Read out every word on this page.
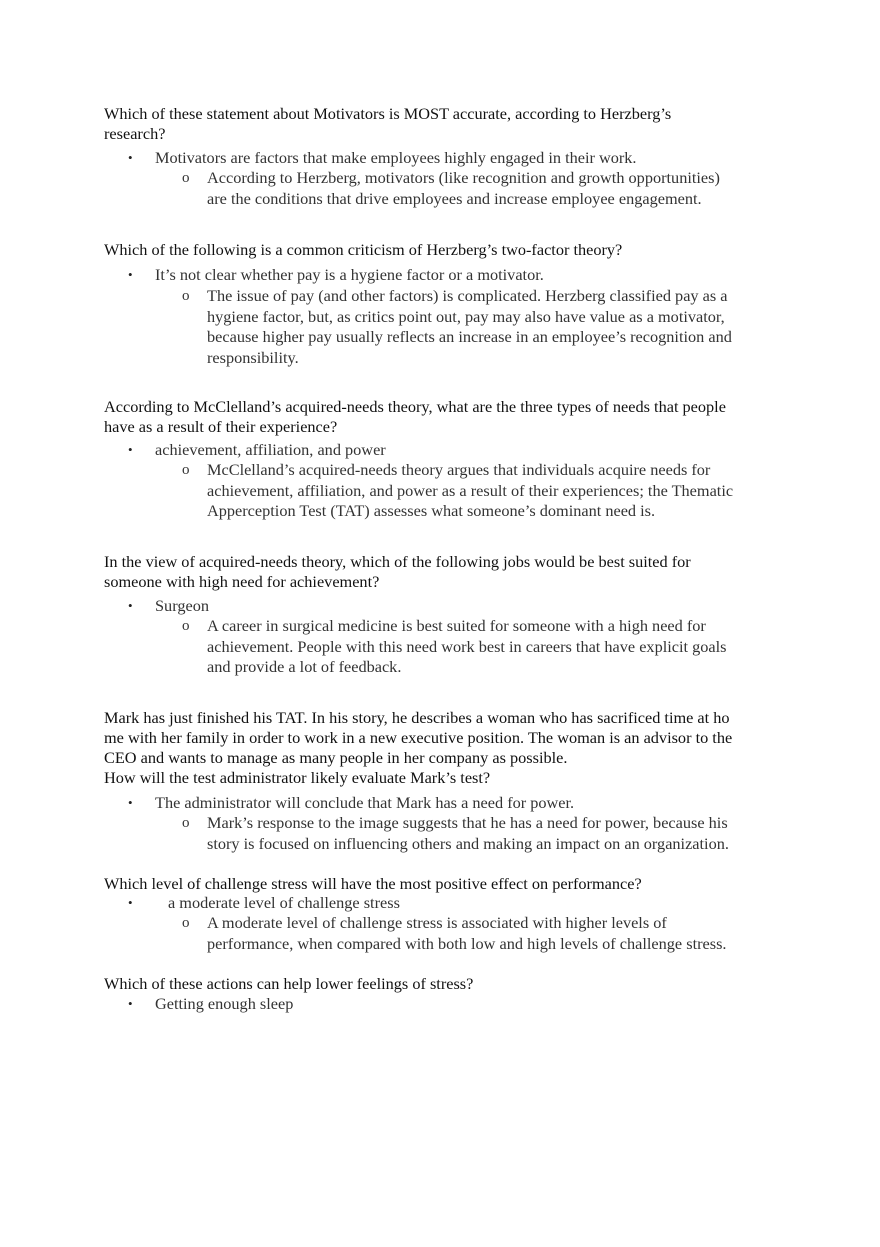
Which of these statement about Motivators is MOST accurate, according to Herzberg’s
research?

• Motivators are factors that make employees highly engaged in their work.

o According to Herzberg, motivators (like recognition and growth opportunities)
are the conditions that drive employees and increase employee engagement.

Which of the following is a common criticism of Herzberg’s two-factor theory?

• It’s not clear whether pay is a hygiene factor or a motivator.

o The issue of pay (and other factors) is complicated. Herzberg classified pay as a
hygiene factor, but, as critics point out, pay may also have value as a motivator,
because higher pay usually reflects an increase in an employee’s recognition and
responsibility.

According to McClelland’s acquired-needs theory, what are the three types of needs that people
have as a result of their experience?

• achievement, affiliation, and power

o McClelland’s acquired-needs theory argues that individuals acquire needs for
achievement, affiliation, and power as a result of their experiences; the Thematic
Apperception Test (TAT) assesses what someone’s dominant need is.

In the view of acquired-needs theory, which of the following jobs would be best suited for
someone with high need for achievement?

• Surgeon

o A career in surgical medicine is best suited for someone with a high need for
achievement. People with this need work best in careers that have explicit goals
and provide a lot of feedback.

Mark has just finished his TAT. In his story, he describes a woman who has sacrificed time at ho
me with her family in order to work in a new executive position. The woman is an advisor to the
CEO and wants to manage as many people in her company as possible.
How will the test administrator likely evaluate Mark’s test?

• The administrator will conclude that Mark has a need for power.

o Mark’s response to the image suggests that he has a need for power, because his
story is focused on influencing others and making an impact on an organization.

Which level of challenge stress will have the most positive effect on performance?

• a moderate level of challenge stress

o A moderate level of challenge stress is associated with higher levels of
performance, when compared with both low and high levels of challenge stress.

Which of these actions can help lower feelings of stress?

• Getting enough sleep
